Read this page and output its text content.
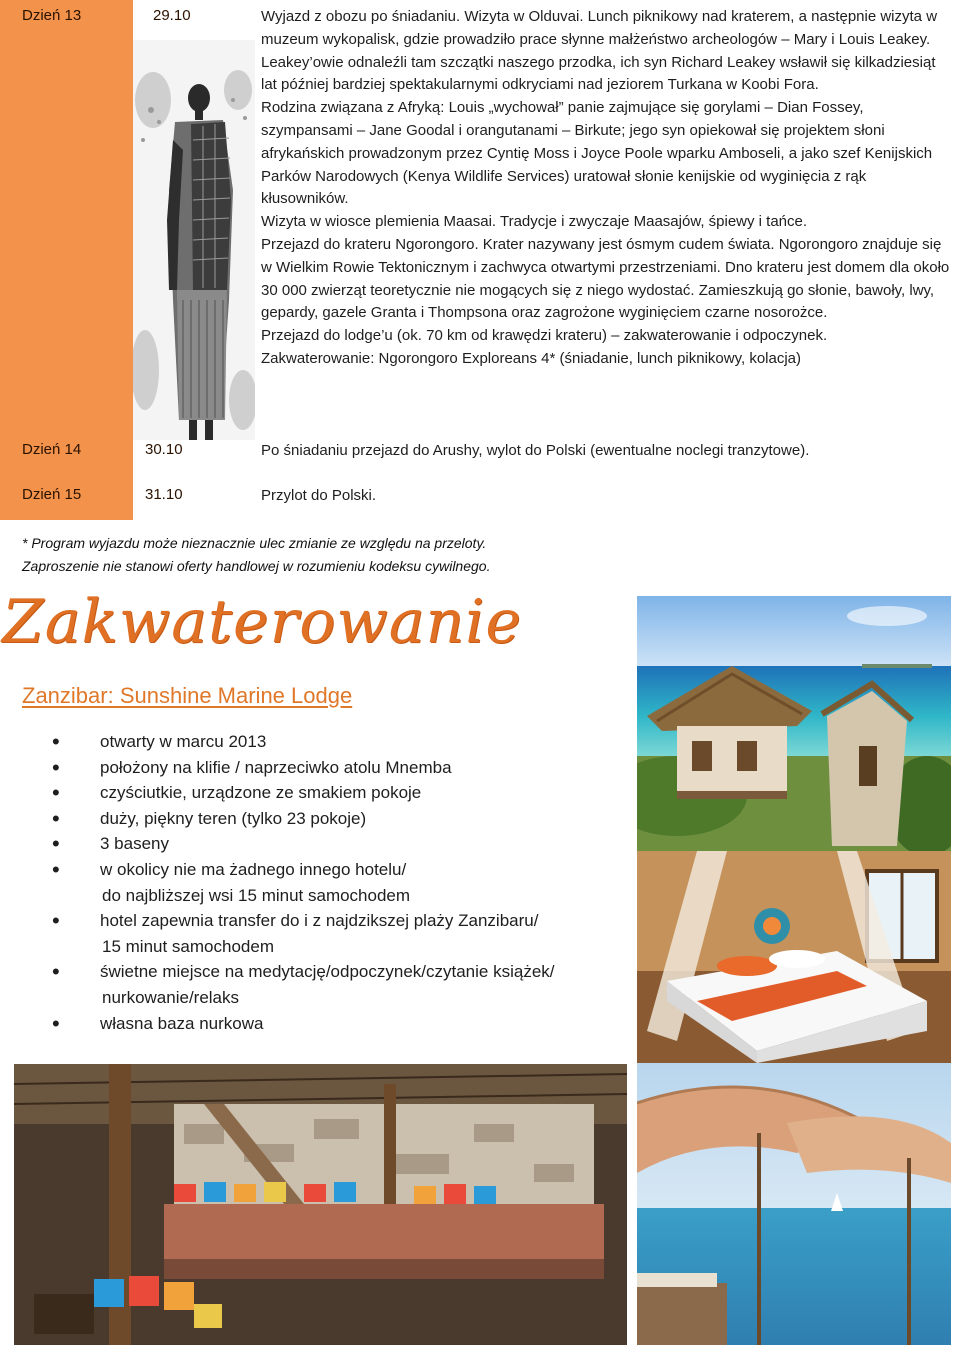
Dzień 13	29.10	Wyjazd z obozu po śniadaniu. Wizyta w Olduvai. Lunch piknikowy nad kraterem, a następnie wizyta w muzeum wykopalisk, gdzie prowadziło prace słynne małżeństwo archeologów – Mary i Louis Leakey. Leakey’owie odnaleźli tam szczątki naszego przodka, ich syn Richard Leakey wsławił się kilkadziesiąt lat później bardziej spektakularnymi odkryciami nad jeziorem Turkana w Koobi Fora.

Rodzina związana z Afryką: Louis „wychował” panie zajmujące się gorylami – Dian Fossey, szympansami – Jane Goodal i orangutanami – Birkute; jego syn opiekował się projektem słoni afrykańskich prowadzonym przez Cyntię Moss i Joyce Poole wparku Amboseli, a jako szef Kenijskich Parków Narodowych (Kenya Wildlife Services) uratował słonie kenijskie od wyginięcia z rąk kłusowników.

Wizyta w wiosce plemienia Maasai. Tradycje i zwyczaje Maasajów, śpiewy i tańce.

Przejazd do krateru Ngorongoro. Krater nazywany jest ósmym cudem świata. Ngorongoro znajduje się w Wielkim Rowie Tektonicznym i zachwyca otwartymi przestrzeniami. Dno krateru jest domem dla około 30 000 zwierząt teoretycznie nie mogących się z niego wydostać. Zamieszkują go słonie, bawoły, lwy, gepardy, gazele Granta i Thompsona oraz zagrożone wyginięciem czarne nosorożce.

Przejazd do lodge’u (ok. 70 km od krawędzi krateru) – zakwaterowanie i odpoczynek.

Zakwaterowanie: Ngorongoro Exploreans 4* (śniadanie, lunch piknikowy, kolacja)

Dzień 14	30.10	Po śniadaniu przejazd do Arushy, wylot do Polski (ewentualne noclegi tranzytowe).

Dzień 15	31.10	Przylot do Polski.

* Program wyjazdu może nieznacznie ulec zmianie ze względu na przeloty.

Zaproszenie nie stanowi oferty handlowej w rozumieniu kodeksu cywilnego.

Zakwaterowanie
Zanzibar: Sunshine Marine Lodge
• otwarty w marcu 2013
• położony na klifie / naprzeciwko atolu Mnemba
• czyściutkie, urządzone ze smakiem pokoje
• duży, piękny teren (tylko 23 pokoje)
• 3 baseny
• w okolicy nie ma żadnego innego hotelu/
do najbliższej wsi 15 minut samochodem
• hotel zapewnia transfer do i z najdzikszej plaży Zanzibaru/
15 minut samochodem
• świetne miejsce na medytację/odpoczynek/czytanie książek/
nurkowanie/relaks
• własna baza nurkowa
